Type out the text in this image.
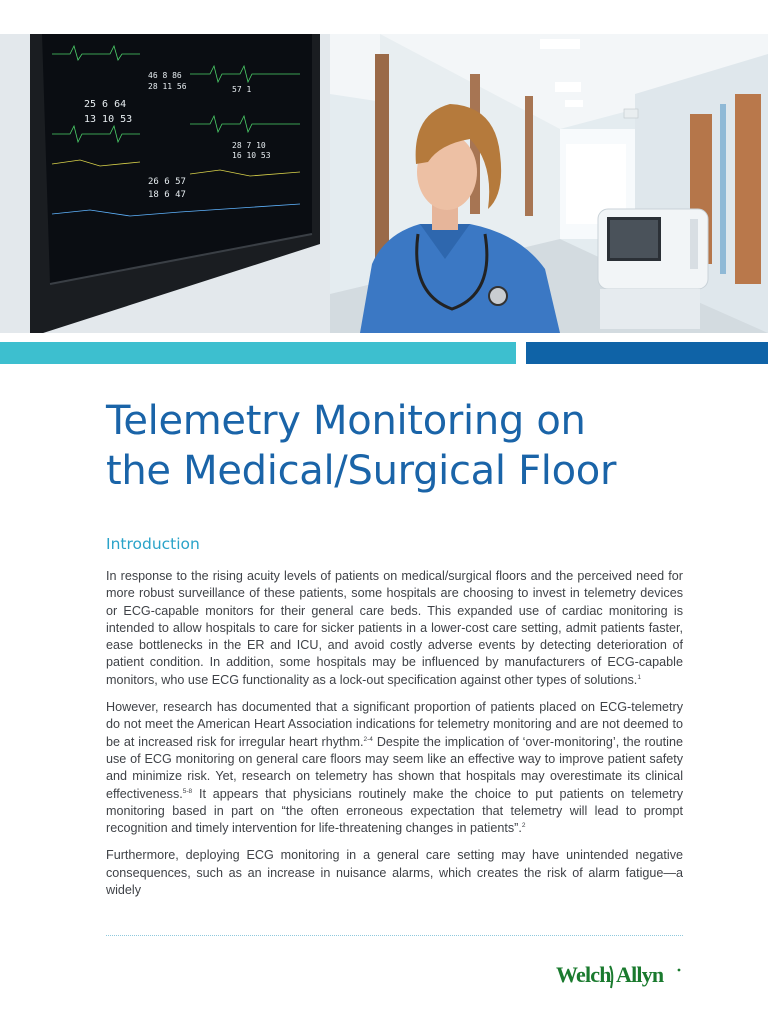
46 8 86
28 11 56
25 6 64
13 10 53
26 6 57
18 6 47
28 7 10
16 10 53
57 1
Telemetry Monitoring on
the Medical/Surgical Floor
Introduction

In response to the rising acuity levels of patients on medical/surgical floors and the perceived need for more robust surveillance of these patients, some hospitals are choosing to invest in telemetry devices or ECG-capable monitors for their general care beds. This expanded use of cardiac monitoring is intended to allow hospitals to care for sicker patients in a lower-cost care setting, admit patients faster, ease bottlenecks in the ER and ICU, and avoid costly adverse events by detecting deterioration of patient condition. In addition, some hospitals may be influenced by manufacturers of ECG-capable monitors, who use ECG functionality as a lock-out specification against other types of solutions.$^1$

However, research has documented that a significant proportion of patients placed on ECG-telemetry do not meet the American Heart Association indications for telemetry monitoring and are not deemed to be at increased risk for irregular heart rhythm.$^{2-4}$ Despite the implication of ‘over-monitoring’, the routine use of ECG monitoring on general care floors may seem like an effective way to improve patient safety and minimize risk. Yet, research on telemetry has shown that hospitals may overestimate its clinical effectiveness.$^{5-8}$ It appears that physicians routinely make the choice to put patients on telemetry monitoring based in part on “the often erroneous expectation that telemetry will lead to prompt recognition and timely intervention for life-threatening changes in patients”.$^2$

Furthermore, deploying ECG monitoring in a general care setting may have unintended negative consequences, such as an increase in nuisance alarms, which creates the risk of alarm fatigue—a widely

Welch Allyn
